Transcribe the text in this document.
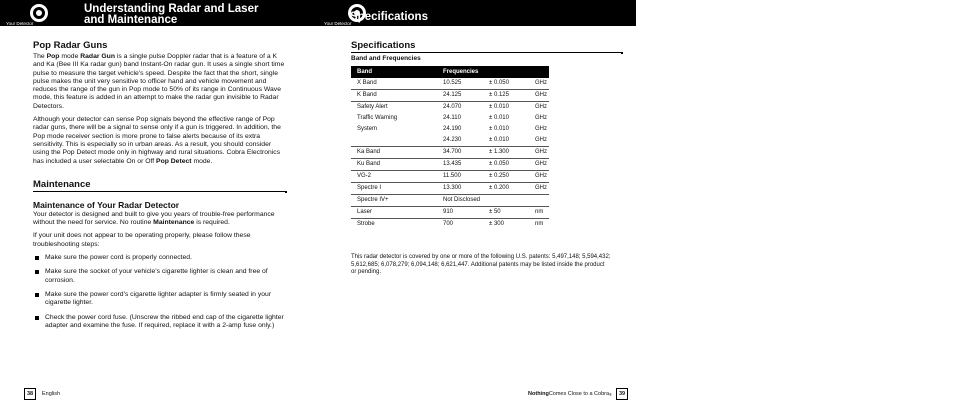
Your Detector
Understanding Radar and Laser
and Maintenance
Pop Radar Guns

The Pop mode Radar Gun is a single pulse Doppler radar that is a feature of a K and Ka (Bee III Ka radar gun) band Instant-On radar gun. It uses a single short time pulse to measure the target vehicle's speed. Despite the fact that the short, single pulse makes the unit very sensitive to officer hand and vehicle movement and reduces the range of the gun in Pop mode to 50% of its range in Continuous Wave mode, this feature is added in an attempt to make the radar gun invisible to Radar Detectors.

Although your detector can sense Pop signals beyond the effective range of Pop radar guns, there will be a signal to sense only if a gun is triggered. In addition, the Pop mode receiver section is more prone to false alerts because of its extra sensitivity. This is especially so in urban areas. As a result, you should consider using the Pop Detect mode only in highway and rural situations. Cobra Electronics has included a user selectable On or Off Pop Detect mode.

Maintenance
Maintenance of Your Radar Detector

Your detector is designed and built to give you years of trouble-free performance without the need for service. No routine Maintenance is required.

If your unit does not appear to be operating properly, please follow these troubleshooting steps:

Make sure the power cord is properly connected.
Make sure the socket of your vehicle's cigarette lighter is clean and free of corrosion.
Make sure the power cord's cigarette lighter adapter is firmly seated in your cigarette lighter.
Check the power cord fuse. (Unscrew the ribbed end cap of the cigarette lighter adapter and examine the fuse. If required, replace it with a 2-amp fuse only.)
38	English
Your Detector
Specifications
Specifications
Band and Frequencies
Band	Frequencies		
X Band	10.525	± 0.050	GHz
K Band	24.125	± 0.125	GHz
Safety Alert	24.070	± 0.010	GHz
Traffic Warning	24.110	± 0.010	GHz
System	24.190	± 0.010	GHz
	24.230	± 0.010	GHz
Ka Band	34.700	± 1.300	GHz
Ku Band	13.435	± 0.050	GHz
VG-2	11.500	± 0.250	GHz
Spectre I	13.300	± 0.200	GHz
Spectre IV+	Not Disclosed		
Laser	910	± 50	nm
Strobe	700	± 300	nm

This radar detector is covered by one or more of the following U.S. patents: 5,497,148; 5,594,432; 5,612,685; 6,078,279; 6,094,148; 6,621,447. Additional patents may be listed inside the product or pending.

Nothing Comes Close to a Cobra ®	39
